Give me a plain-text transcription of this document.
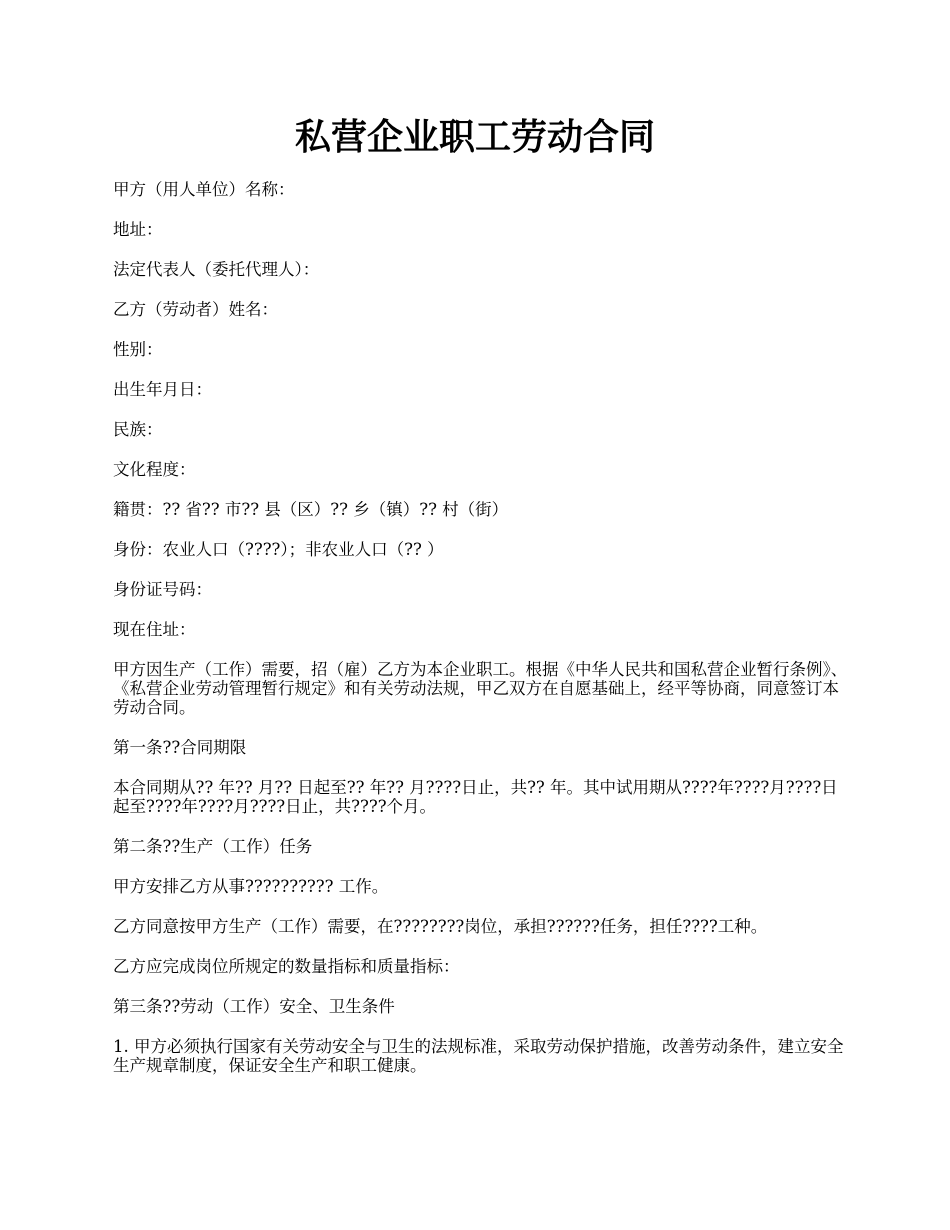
私营企业职工劳动合同

甲方（用人单位）名称：

地址：

法定代表人（委托代理人）：

乙方（劳动者）姓名：

性别：

出生年月日：

民族：

文化程度：

籍贯：?? 省?? 市?? 县（区）?? 乡（镇）?? 村（街）

身份：农业人口（????）；非农业人口（?? ）

身份证号码：

现在住址：

甲方因生产（工作）需要，招（雇）乙方为本企业职工。根据《中华人民共和国私营企业暂行条例》、《私营企业劳动管理暂行规定》和有关劳动法规，甲乙双方在自愿基础上，经平等协商，同意签订本劳动合同。

第一条??合同期限

本合同期从?? 年?? 月?? 日起至?? 年?? 月????日止，共?? 年。其中试用期从????年????月????日起至????年????月????日止，共????个月。

第二条??生产（工作）任务

甲方安排乙方从事?????????? 工作。

乙方同意按甲方生产（工作）需要，在????????岗位，承担??????任务，担任????工种。

乙方应完成岗位所规定的数量指标和质量指标：

第三条??劳动（工作）安全、卫生条件

1. 甲方必须执行国家有关劳动安全与卫生的法规标准，采取劳动保护措施，改善劳动条件，建立安全生产规章制度，保证安全生产和职工健康。
